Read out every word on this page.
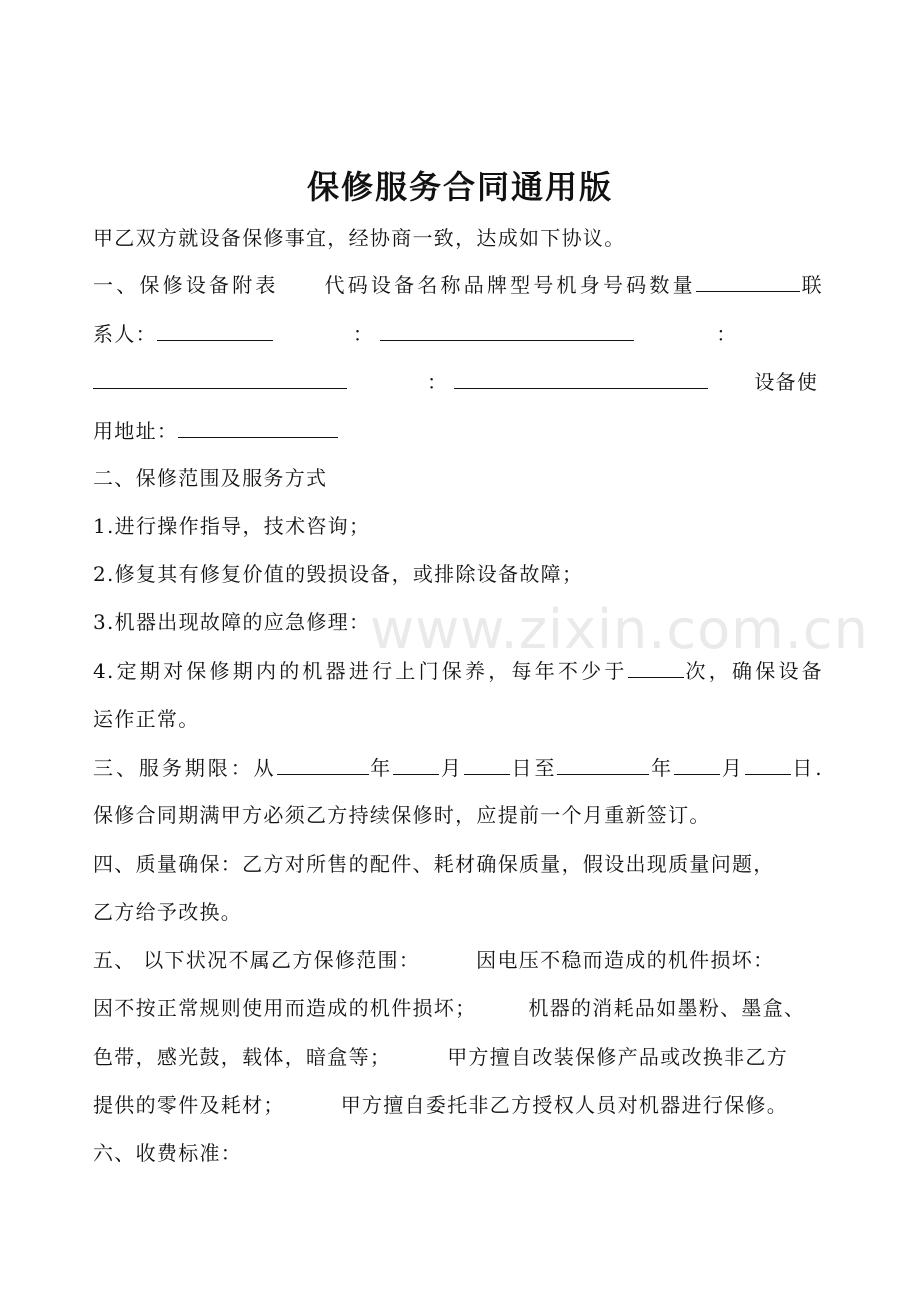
保修服务合同通用版
甲乙双方就设备保修事宜，经协商一致，达成如下协议。
一、保修设备附表 代码设备名称品牌型号机身号码数量	联
系人：	：	：
：	设备使
用地址：
二、保修范围及服务方式
1.进行操作指导，技术咨询；
2.修复其有修复价值的毁损设备，或排除设备故障；
3.机器出现故障的应急修理：
4.定期对保修期内的机器进行上门保养，每年不少于	次，确保设备
运作正常。
三、服务期限：从	年 月 日至	年 月 日.
保修合同期满甲方必须乙方持续保修时，应提前一个月重新签订。
四、质量确保：乙方对所售的配件、耗材确保质量，假设出现质量问题，
乙方给予改换。
五、 以下状况不属乙方保修范围：	因电压不稳而造成的机件损坏：
因不按正常规则使用而造成的机件损坏；	机器的消耗品如墨粉、墨盒、
色带，感光鼓，载体，暗盒等；	甲方擅自改装保修产品或改换非乙方
提供的零件及耗材；	甲方擅自委托非乙方授权人员对机器进行保修。
六、收费标准：
www.zixin.com.cn
